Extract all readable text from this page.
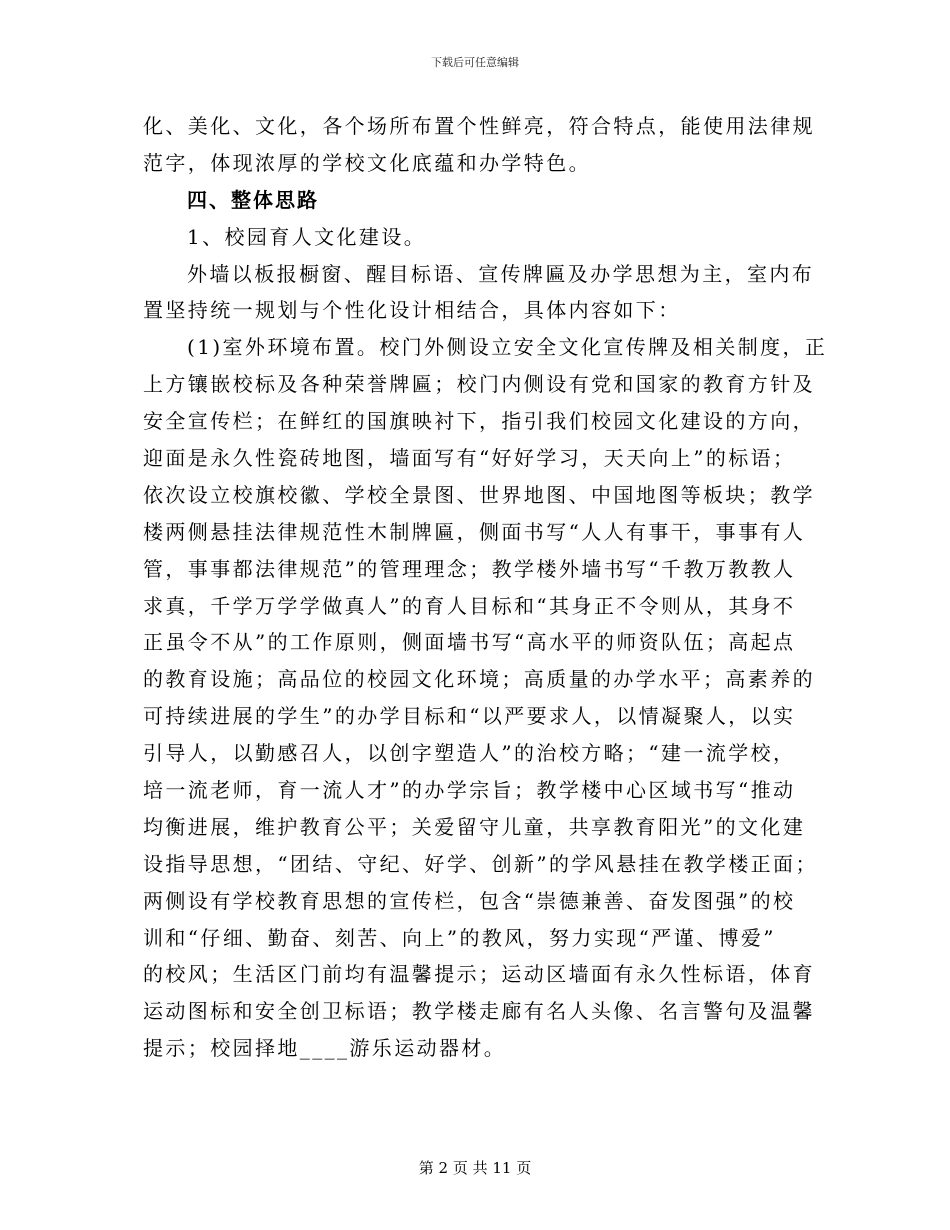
下载后可任意编辑
化、美化、文化，各个场所布置个性鲜亮，符合特点，能使用法律规
范字，体现浓厚的学校文化底蕴和办学特色。
四、整体思路
1、校园育人文化建设。
外墙以板报橱窗、醒目标语、宣传牌匾及办学思想为主，室内布
置坚持统一规划与个性化设计相结合，具体内容如下：
(1)室外环境布置。校门外侧设立安全文化宣传牌及相关制度，正
上方镶嵌校标及各种荣誉牌匾；校门内侧设有党和国家的教育方针及
安全宣传栏；在鲜红的国旗映衬下，指引我们校园文化建设的方向，
迎面是永久性瓷砖地图，墙面写有“好好学习，天天向上”的标语；
依次设立校旗校徽、学校全景图、世界地图、中国地图等板块；教学
楼两侧悬挂法律规范性木制牌匾，侧面书写“人人有事干，事事有人
管，事事都法律规范”的管理理念；教学楼外墙书写“千教万教教人
求真，千学万学学做真人”的育人目标和“其身正不令则从，其身不
正虽令不从”的工作原则，侧面墙书写“高水平的师资队伍；高起点
的教育设施；高品位的校园文化环境；高质量的办学水平；高素养的
可持续进展的学生”的办学目标和“以严要求人，以情凝聚人，以实
引导人，以勤感召人，以创字塑造人”的治校方略；“建一流学校，
培一流老师，育一流人才”的办学宗旨；教学楼中心区域书写“推动
均衡进展，维护教育公平；关爱留守儿童，共享教育阳光”的文化建
设指导思想，“团结、守纪、好学、创新”的学风悬挂在教学楼正面；
两侧设有学校教育思想的宣传栏，包含“崇德兼善、奋发图强”的校
训和“仔细、勤奋、刻苦、向上”的教风，努力实现“严谨、博爱”
的校风；生活区门前均有温馨提示；运动区墙面有永久性标语，体育
运动图标和安全创卫标语；教学楼走廊有名人头像、名言警句及温馨
提示；校园择地____游乐运动器材。
第 2 页 共 11 页
